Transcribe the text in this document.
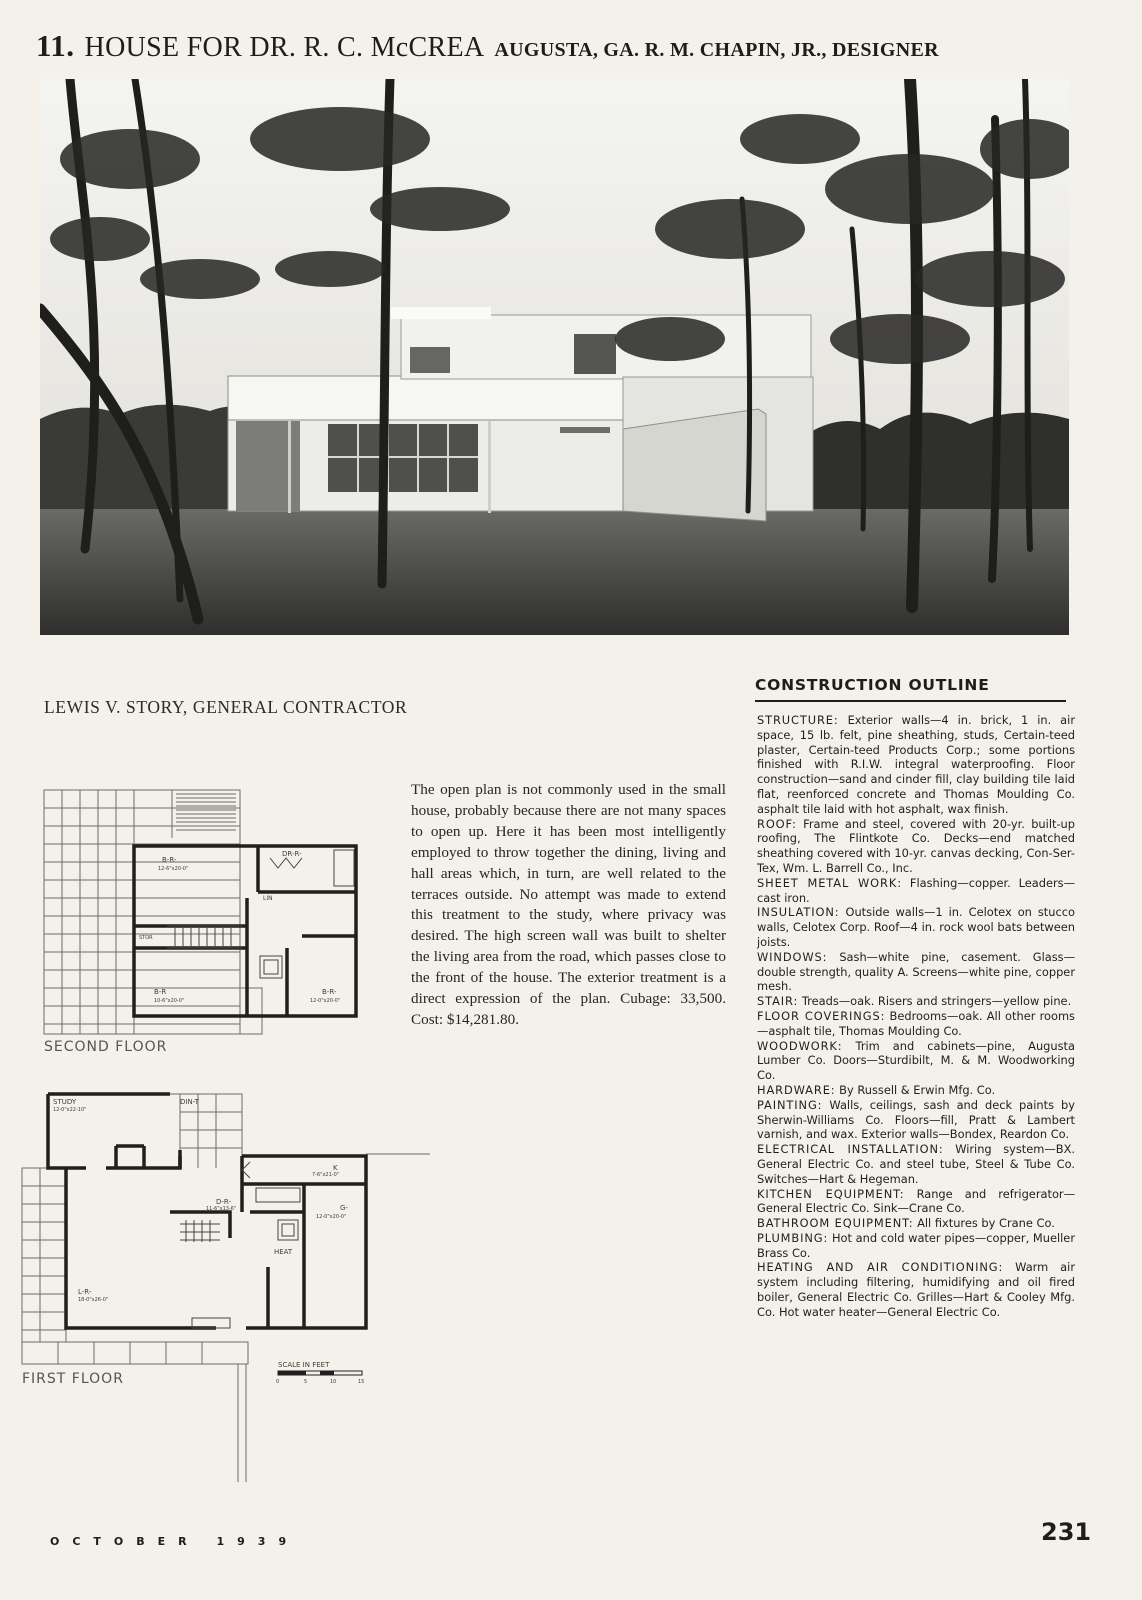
11. HOUSE FOR DR. R. C. McCREA AUGUSTA, GA. R. M. CHAPIN, JR., DESIGNER
LEWIS V. STORY, GENERAL CONTRACTOR
B-R-
12-6"x20-0"
DR-R-
LIN
STOR
B-R
10-6"x20-0"
B-R-
12-0"x20-0"
SECOND FLOOR
STUDY
12-0"x22-10"
DIN-T
D-R-
11-6"x13-6"
K
7-6"x21-0"
G-
12-0"x20-0"
HEAT
L-R-
18-0"x26-0"
SCALE IN FEET
0	5	10	15
FIRST FLOOR
The open plan is not commonly used in the small house, probably because there are not many spaces to open up. Here it has been most intelligently employed to throw together the dining, living and hall areas which, in turn, are well related to the terraces outside. No attempt was made to extend this treatment to the study, where privacy was desired. The high screen wall was built to shelter the living area from the road, which passes close to the front of the house. The exterior treatment is a direct expression of the plan. Cubage: 33,500. Cost: $14,281.80.
CONSTRUCTION OUTLINE

STRUCTURE: Exterior walls—4 in. brick, 1 in. air space, 15 lb. felt, pine sheathing, studs, Certain-teed plaster, Certain-teed Products Corp.; some portions finished with R.I.W. integral waterproofing. Floor construction—sand and cinder fill, clay building tile laid flat, reenforced concrete and Thomas Moulding Co. asphalt tile laid with hot asphalt, wax finish.

ROOF: Frame and steel, covered with 20-yr. built-up roofing, The Flintkote Co. Decks—end matched sheathing covered with 10-yr. canvas decking, Con-Ser-Tex, Wm. L. Barrell Co., Inc.

SHEET METAL WORK: Flashing—copper. Leaders—cast iron.

INSULATION: Outside walls—1 in. Celotex on stucco walls, Celotex Corp. Roof—4 in. rock wool bats between joists.

WINDOWS: Sash—white pine, casement. Glass—double strength, quality A. Screens—white pine, copper mesh.

STAIR: Treads—oak. Risers and stringers—yellow pine.

FLOOR COVERINGS: Bedrooms—oak. All other rooms—asphalt tile, Thomas Moulding Co.

WOODWORK: Trim and cabinets—pine, Augusta Lumber Co. Doors—Sturdibilt, M. & M. Woodworking Co.

HARDWARE: By Russell & Erwin Mfg. Co.

PAINTING: Walls, ceilings, sash and deck paints by Sherwin-Williams Co. Floors—fill, Pratt & Lambert varnish, and wax. Exterior walls—Bondex, Reardon Co.

ELECTRICAL INSTALLATION: Wiring system—BX. General Electric Co. and steel tube, Steel & Tube Co. Switches—Hart & Hegeman.

KITCHEN EQUIPMENT: Range and refrigerator—General Electric Co. Sink—Crane Co.

BATHROOM EQUIPMENT: All fixtures by Crane Co.

PLUMBING: Hot and cold water pipes—copper, Mueller Brass Co.

HEATING AND AIR CONDITIONING: Warm air system including filtering, humidifying and oil fired boiler, General Electric Co. Grilles—Hart & Cooley Mfg. Co. Hot water heater—General Electric Co.

OCTOBER 1939	231
